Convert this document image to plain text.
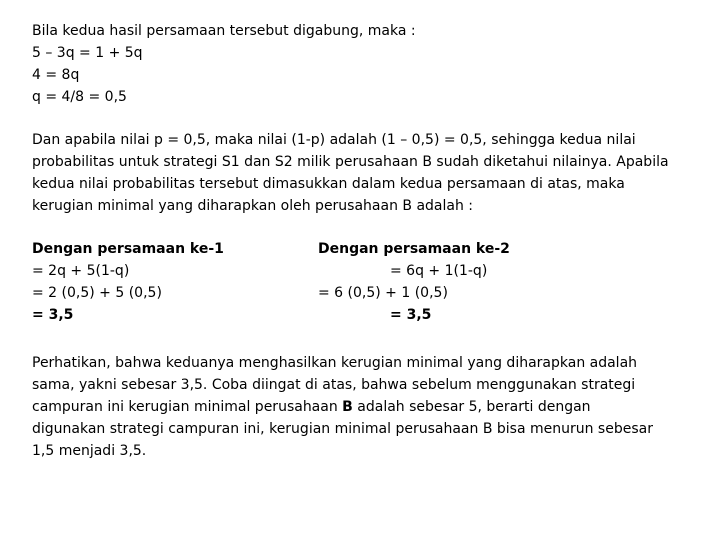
Bila kedua hasil persamaan tersebut digabung, maka :
5 – 3q = 1 + 5q
4 = 8q
q = 4/8 = 0,5
Dan apabila nilai p = 0,5, maka nilai (1-p) adalah (1 – 0,5) = 0,5, sehingga kedua nilai
probabilitas untuk strategi S1 dan S2 milik perusahaan B sudah diketahui nilainya. Apabila
kedua nilai probabilitas tersebut dimasukkan dalam kedua persamaan di atas, maka
kerugian minimal yang diharapkan oleh perusahaan B adalah :
Dengan persamaan ke-1
= 2q + 5(1-q)
= 2 (0,5) + 5 (0,5)
= 3,5
Dengan persamaan ke-2
= 6q + 1(1-q)
= 6 (0,5) + 1 (0,5)
= 3,5
Perhatikan, bahwa keduanya menghasilkan kerugian minimal yang diharapkan adalah
sama, yakni sebesar 3,5. Coba diingat di atas, bahwa sebelum menggunakan strategi
campuran ini kerugian minimal perusahaan B adalah sebesar 5, berarti dengan
digunakan strategi campuran ini, kerugian minimal perusahaan B bisa menurun sebesar
1,5 menjadi 3,5.
